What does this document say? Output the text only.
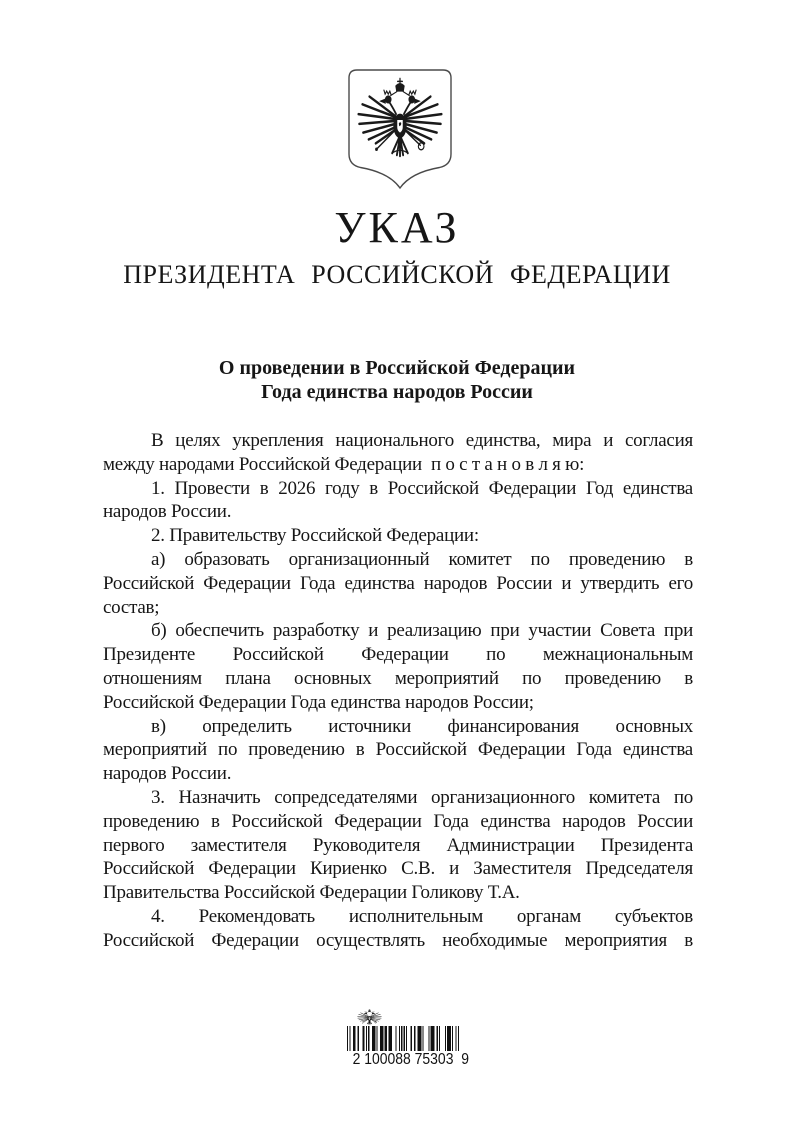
УКАЗ
ПРЕЗИДЕНТА РОССИЙСКОЙ ФЕДЕРАЦИИ
О проведении в Российской Федерации
Года единства народов России
В целях укрепления национального единства, мира и согласия
между народами Российской Федерации  п о с т а н о в л я ю:
1. Провести в 2026 году в Российской Федерации Год единства
народов России.
2. Правительству Российской Федерации:
а) образовать организационный комитет по проведению в
Российской Федерации Года единства народов России и утвердить его
состав;
б) обеспечить разработку и реализацию при участии Совета при
Президенте Российской Федерации по межнациональным
отношениям плана основных мероприятий по проведению в
Российской Федерации Года единства народов России;
в) определить источники финансирования основных
мероприятий по проведению в Российской Федерации Года единства
народов России.
3. Назначить сопредседателями организационного комитета по
проведению в Российской Федерации Года единства народов России
первого заместителя Руководителя Администрации Президента
Российской Федерации Кириенко С.В. и Заместителя Председателя
Правительства Российской Федерации Голикову Т.А.
4. Рекомендовать исполнительным органам субъектов
Российской Федерации осуществлять необходимые мероприятия в
2 100088 75303  9
